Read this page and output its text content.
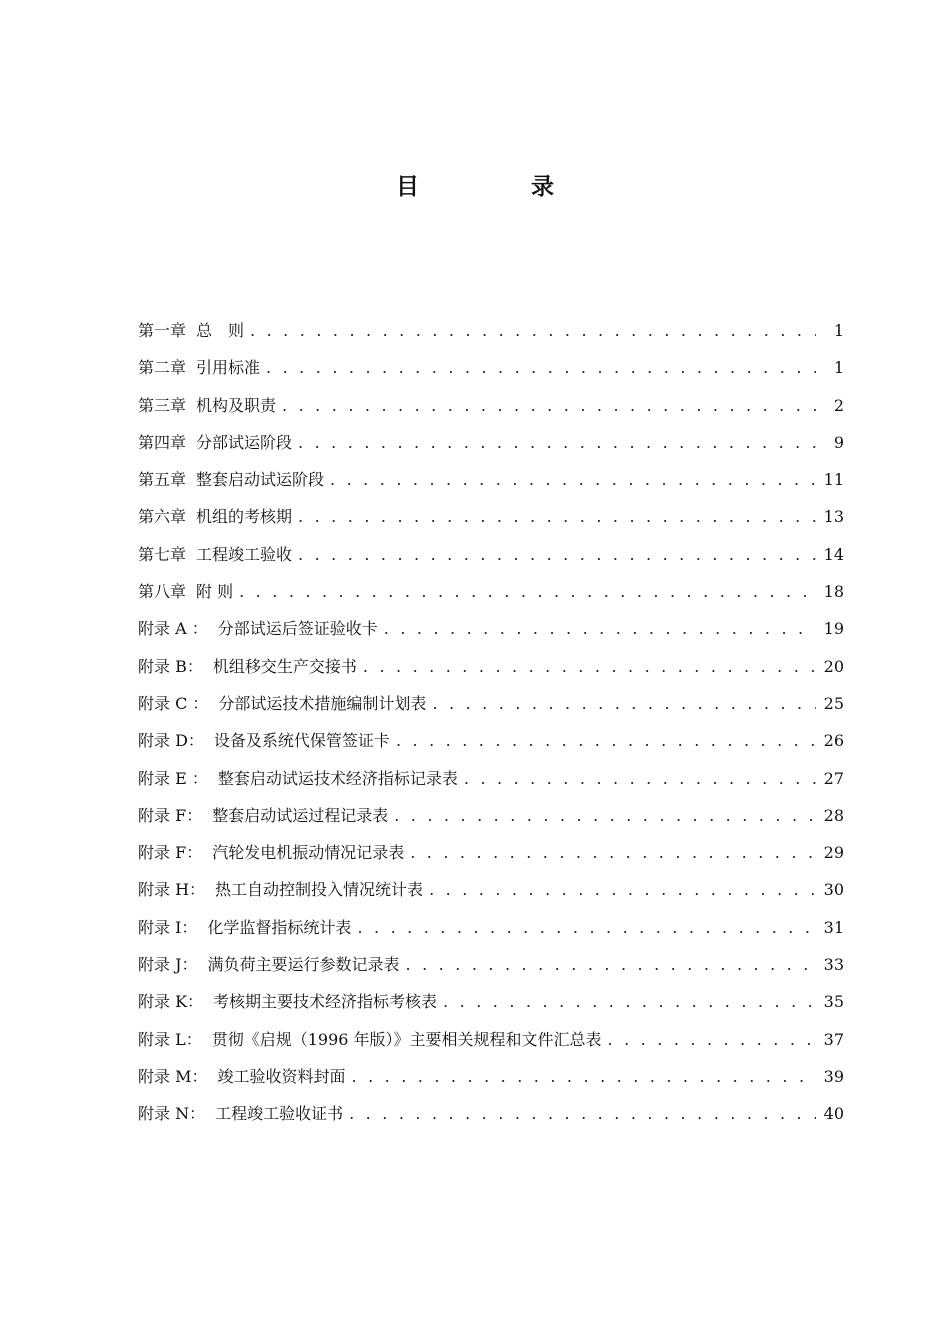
目 录
第一章 总　则 . . .	1
第二章 引用标准 . . .	1
第三章 机构及职责 . . .	2
第四章 分部试运阶段 . . .	9
第五章 整套启动试运阶段 . . .	11
第六章 机组的考核期 . . .	13
第七章 工程竣工验收 . . .	14
第八章 附 则 . . .	18
附录 A ： 分部试运后签证验收卡 . . .	19
附录 B： 机组移交生产交接书 . . .	20
附录 C ： 分部试运技术措施编制计划表 . . .	25
附录 D： 设备及系统代保管签证卡 . . .	26
附录 E ： 整套启动试运技术经济指标记录表 . . .	27
附录 F： 整套启动试运过程记录表 . . .	28
附录 F： 汽轮发电机振动情况记录表 . . .	29
附录 H： 热工自动控制投入情况统计表 . . .	30
附录 I： 化学监督指标统计表 . . .	31
附录 J： 满负荷主要运行参数记录表 . . .	33
附录 K： 考核期主要技术经济指标考核表 . . .	35
附录 L： 贯彻《启规（1996 年版）》主要相关规程和文件汇总表 . . .	37
附录 M： 竣工验收资料封面 . . .	39
附录 N： 工程竣工验收证书 . . .	40
